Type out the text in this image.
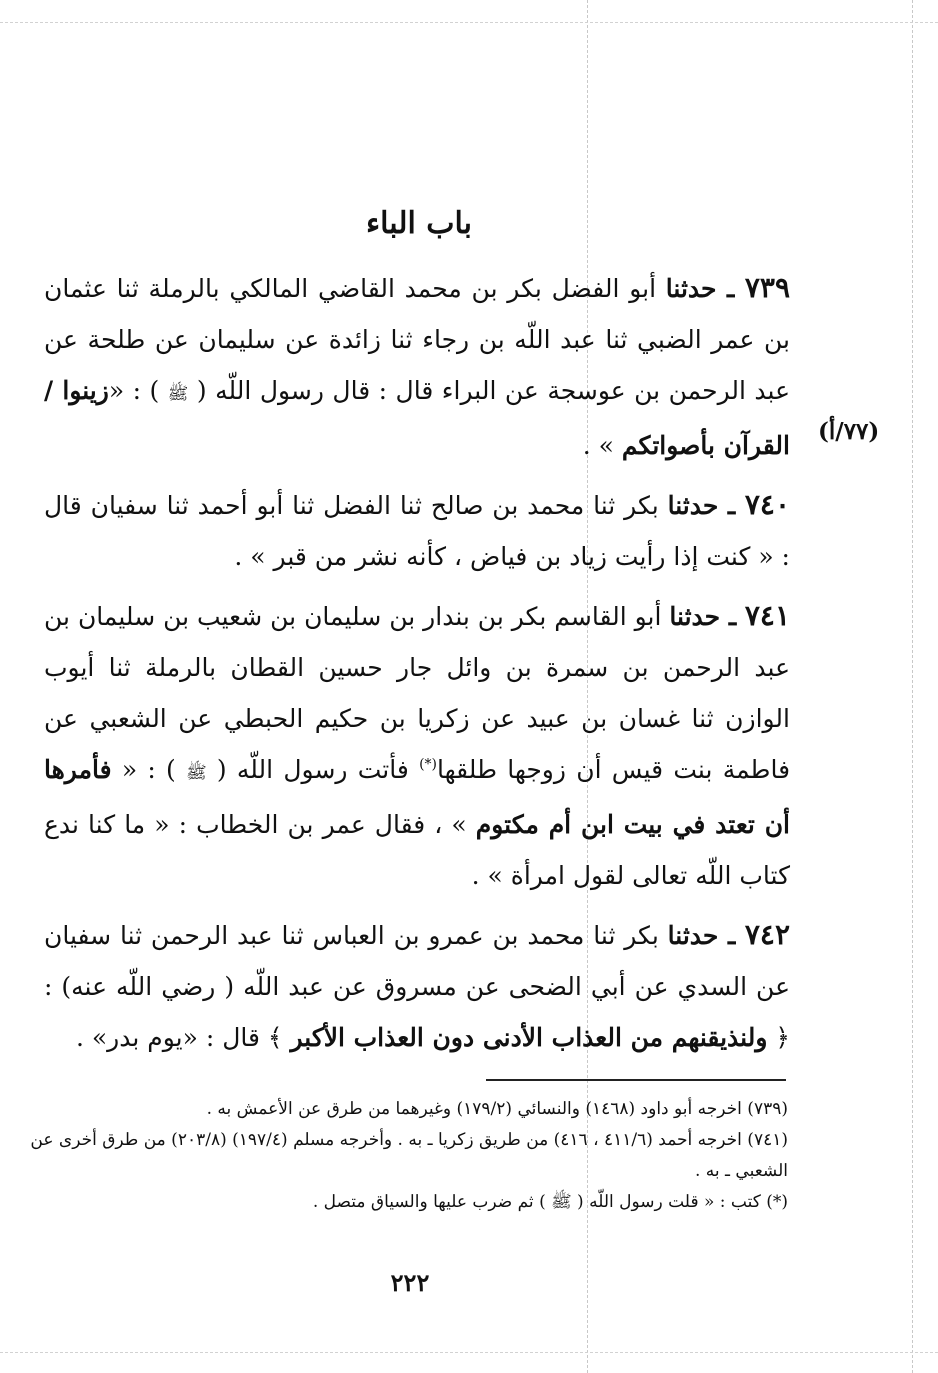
باب الباء
(٧٧/أ)

٧٣٩ ـ حدثنا أبو الفضل بكر بن محمد القاضي المالكي بالرملة ثنا عثمان بن عمر الضبي ثنا عبد اللّه بن رجاء ثنا زائدة عن سليمان عن طلحة عن عبد الرحمن بن عوسجة عن البراء قال : قال رسول اللّه ( ﷺ ) : «زينوا / القرآن بأصواتكم » .

٧٤٠ ـ حدثنا بكر ثنا محمد بن صالح ثنا الفضل ثنا أبو أحمد ثنا سفيان قال : « كنت إذا رأيت زياد بن فياض ، كأنه نشر من قبر » .

٧٤١ ـ حدثنا أبو القاسم بكر بن بندار بن سليمان بن شعيب بن سليمان بن عبد الرحمن بن سمرة بن وائل جار حسين القطان بالرملة ثنا أيوب الوازن ثنا غسان بن عبيد عن زكريا بن حكيم الحبطي عن الشعبي عن فاطمة بنت قيس أن زوجها طلقها(*) فأتت رسول اللّه ( ﷺ ) : « فأمرها أن تعتد في بيت ابن أم مكتوم » ، فقال عمر بن الخطاب : « ما كنا ندع كتاب اللّه تعالى لقول امرأة » .

٧٤٢ ـ حدثنا بكر ثنا محمد بن عمرو بن العباس ثنا عبد الرحمن ثنا سفيان عن السدي عن أبي الضحى عن مسروق عن عبد اللّه ( رضي اللّه عنه) : ﴿ ولنذيقنهم من العذاب الأدنى دون العذاب الأكبر ﴾ قال : «يوم بدر» .

(٧٣٩) اخرجه أبو داود (١٤٦٨) والنسائي (١٧٩/٢) وغيرهما من طرق عن الأعمش به .

(٧٤١) اخرجه أحمد (٤١١/٦ ، ٤١٦) من طريق زكريا ـ به . وأخرجه مسلم (١٩٧/٤) (٢٠٣/٨) من طرق أخرى عن الشعبي ـ به .

(*) كتب : « قلت رسول اللّه ( ﷺ ) ثم ضرب عليها والسياق متصل .

٢٢٢
